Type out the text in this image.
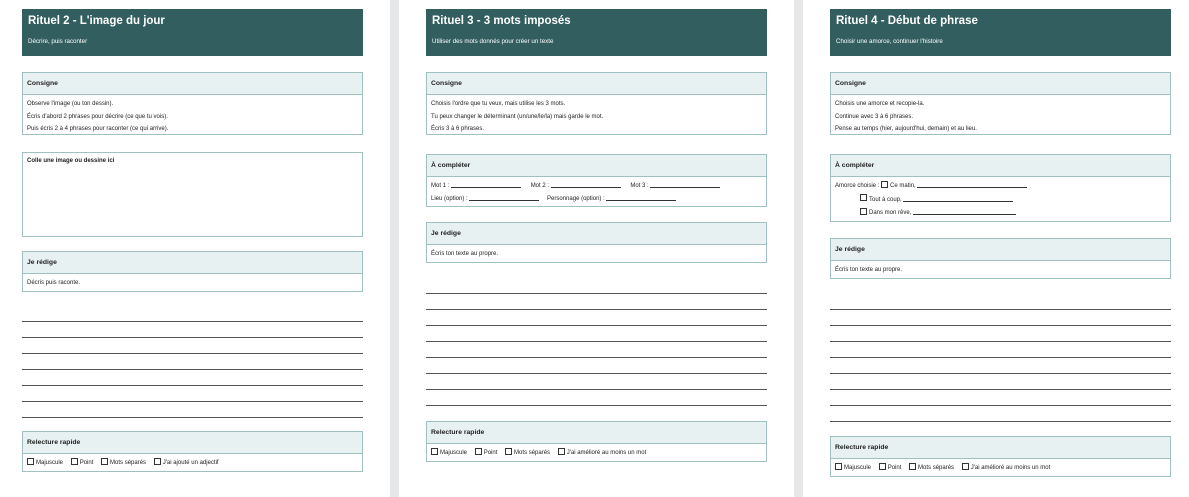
Rituel 2 - L'image du jour
Décrire, puis raconter
Consigne
Observe l'image (ou ton dessin).
Écris d'abord 2 phrases pour décrire (ce que tu vois).
Puis écris 2 à 4 phrases pour raconter (ce qui arrive).
Colle une image ou dessine ici
Je rédige
Décris puis raconte.
Relecture rapide
Majuscule	Point	Mots séparés	J'ai ajouté un adjectif
Rituel 3 - 3 mots imposés
Utiliser des mots donnés pour créer un texte
Consigne
Choisis l'ordre que tu veux, mais utilise les 3 mots.
Tu peux changer le déterminant (un/une/le/la) mais garde le mot.
Écris 3 à 6 phrases.
À compléter
Mot 1 :	Mot 2 :	Mot 3 :
Lieu (option) :	Personnage (option) :
Je rédige
Écris ton texte au propre.
Relecture rapide
Majuscule	Point	Mots séparés	J'ai amélioré au moins un mot
Rituel 4 - Début de phrase
Choisir une amorce, continuer l'histoire
Consigne
Choisis une amorce et recopie-la.
Continue avec 3 à 6 phrases.
Pense au temps (hier, aujourd'hui, demain) et au lieu.
À compléter
Amorce choisie : Ce matin,
Tout à coup,
Dans mon rêve,
Je rédige
Écris ton texte au propre.
Relecture rapide
Majuscule	Point	Mots séparés	J'ai amélioré au moins un mot
